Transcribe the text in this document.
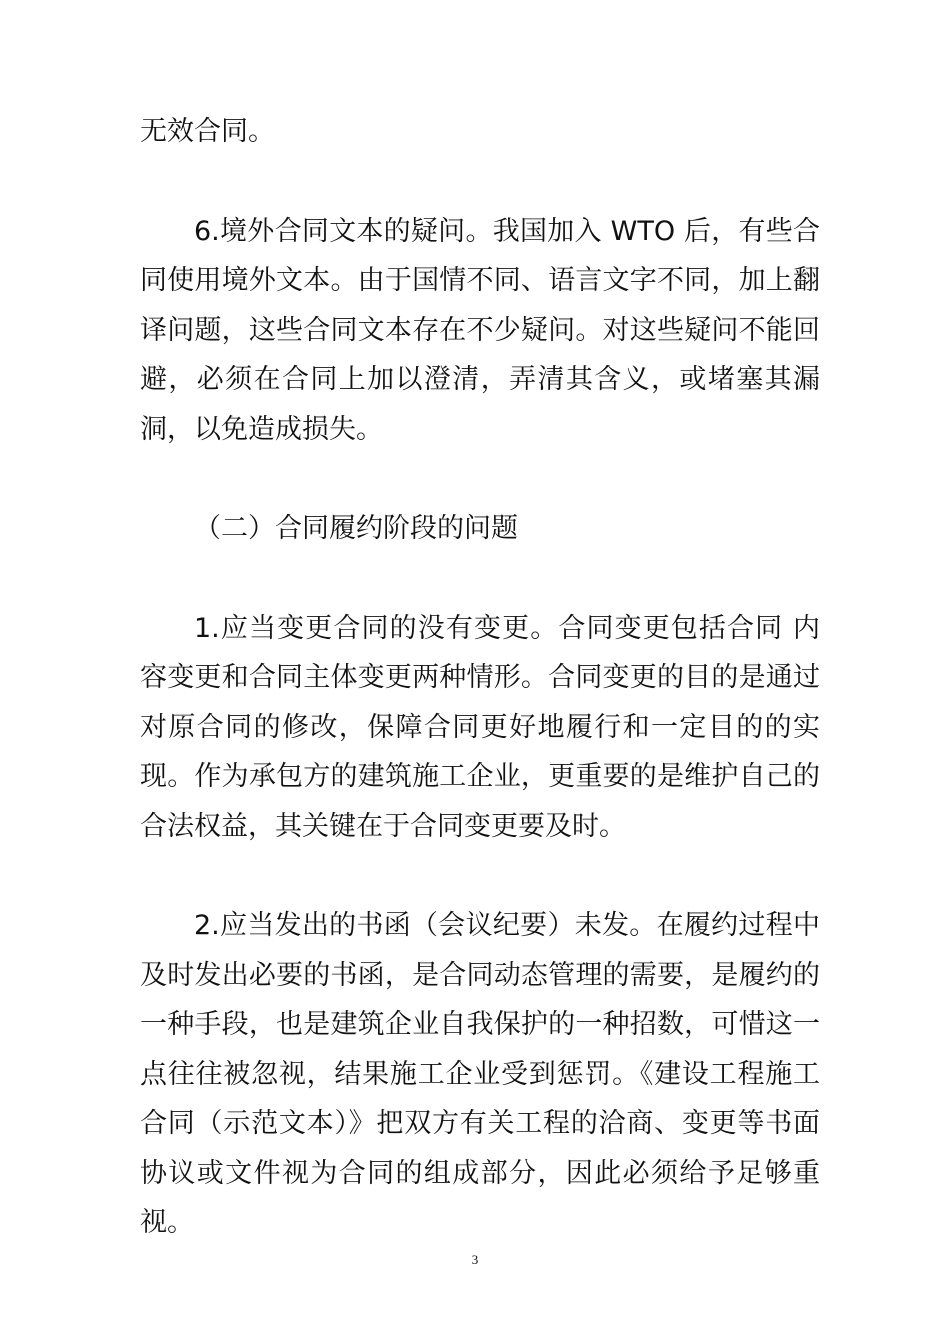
无效合同。

6.境外合同文本的疑问。我国加入 WTO 后，有些合同使用境外文本。由于国情不同、语言文字不同，加上翻译问题，这些合同文本存在不少疑问。对这些疑问不能回避，必须在合同上加以澄清，弄清其含义，或堵塞其漏洞，以免造成损失。

（二）合同履约阶段的问题

1.应当变更合同的没有变更。合同变更包括合同 内容变更和合同主体变更两种情形。合同变更的目的是通过对原合同的修改，保障合同更好地履行和一定目的的实现。作为承包方的建筑施工企业，更重要的是维护自己的合法权益，其关键在于合同变更要及时。

2.应当发出的书函（会议纪要）未发。在履约过程中及时发出必要的书函，是合同动态管理的需要，是履约的一种手段，也是建筑企业自我保护的一种招数，可惜这一点往往被忽视，结果施工企业受到惩罚。《建设工程施工合同（示范文本）》把双方有关工程的洽商、变更等书面协议或文件视为合同的组成部分，因此必须给予足够重视。

3
